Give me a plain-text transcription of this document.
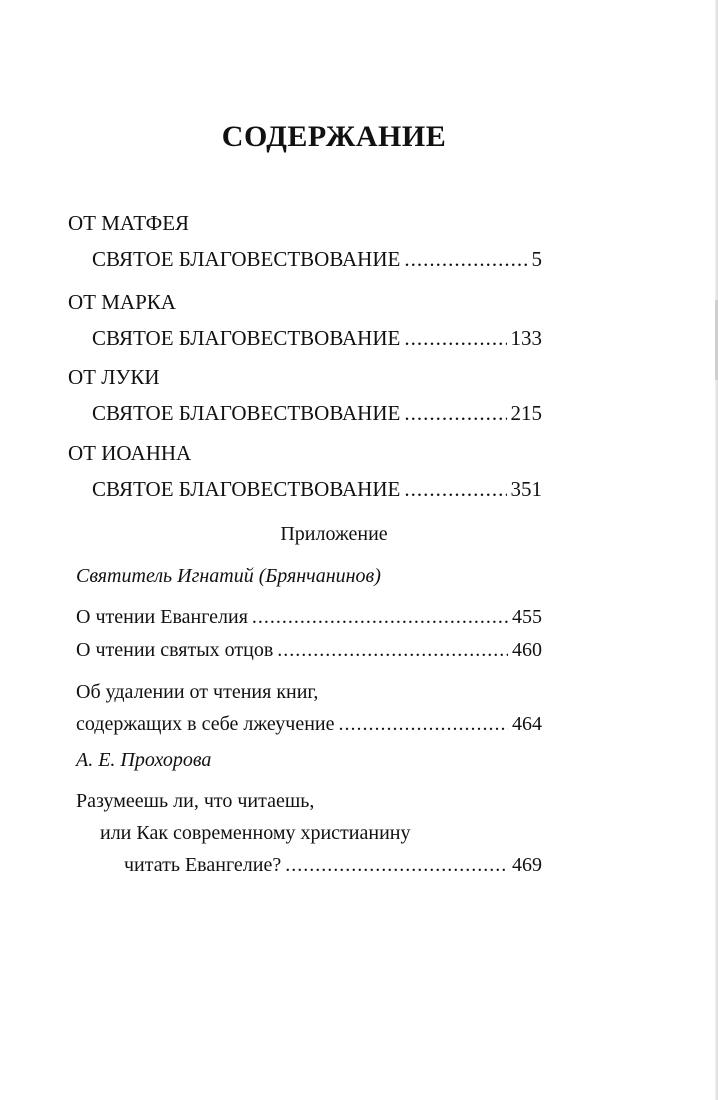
СОДЕРЖАНИЕ
ОТ МАТФЕЯ
СВЯТОЕ БЛАГОВЕСТВОВАНИЕ .....	5
ОТ МАРКА
СВЯТОЕ БЛАГОВЕСТВОВАНИЕ .....	133
ОТ ЛУКИ
СВЯТОЕ БЛАГОВЕСТВОВАНИЕ .....	215
ОТ ИОАННА
СВЯТОЕ БЛАГОВЕСТВОВАНИЕ .....	351
Приложение
Святитель Игнатий (Брянчанинов)
О чтении Евангелия .....	455
О чтении святых отцов .....	460
Об удалении от чтения книг,
содержащих в себе лжеучение .....	464
А. Е. Прохорова
Разумеешь ли, что читаешь,
или Как современному христианину
читать Евангелие? .....	469
